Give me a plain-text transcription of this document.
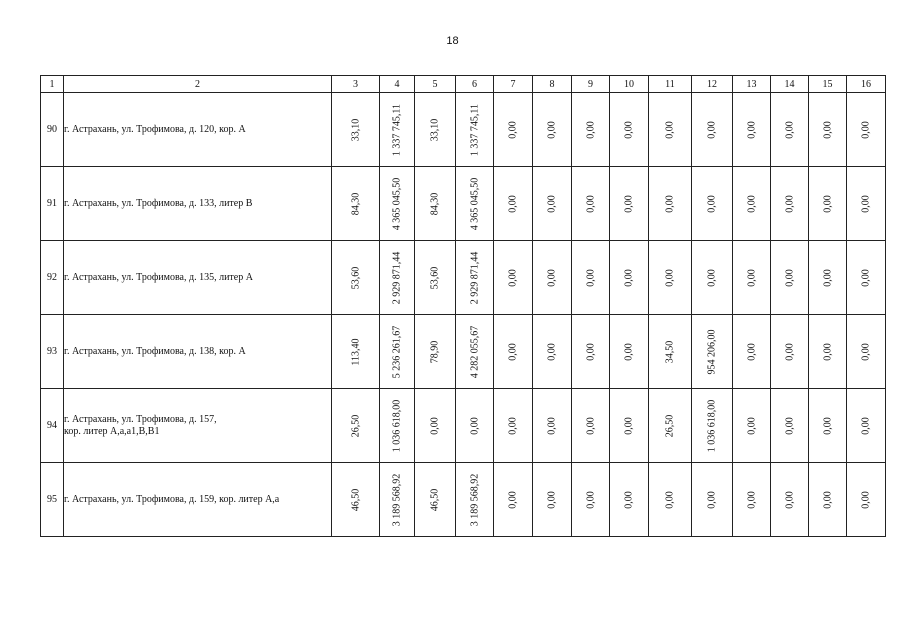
18
1	2	3	4	5	6	7	8	9	10	11	12	13	14	15	16
90	г. Астрахань, ул. Трофимова, д. 120, кор. А	33,10	1 337 745,11	33,10	1 337 745,11	0,00	0,00	0,00	0,00	0,00	0,00	0,00	0,00	0,00	0,00

91	г. Астрахань, ул. Трофимова, д. 133, литер В	84,30	4 365 045,50	84,30	4 365 045,50	0,00	0,00	0,00	0,00	0,00	0,00	0,00	0,00	0,00	0,00

92	г. Астрахань, ул. Трофимова, д. 135, литер А	53,60	2 929 871,44	53,60	2 929 871,44	0,00	0,00	0,00	0,00	0,00	0,00	0,00	0,00	0,00	0,00

93	г. Астрахань, ул. Трофимова, д. 138, кор. А	113,40	5 236 261,67	78,90	4 282 055,67	0,00	0,00	0,00	0,00	34,50	954 206,00	0,00	0,00	0,00	0,00

94	г. Астрахань, ул. Трофимова, д. 157,
кор. литер А,а,а1,В,В1	26,50	1 036 618,00	0,00	0,00	0,00	0,00	0,00	0,00	26,50	1 036 618,00	0,00	0,00	0,00	0,00

95	г. Астрахань, ул. Трофимова, д. 159, кор. литер А,а	46,50	3 189 568,92	46,50	3 189 568,92	0,00	0,00	0,00	0,00	0,00	0,00	0,00	0,00	0,00	0,00
